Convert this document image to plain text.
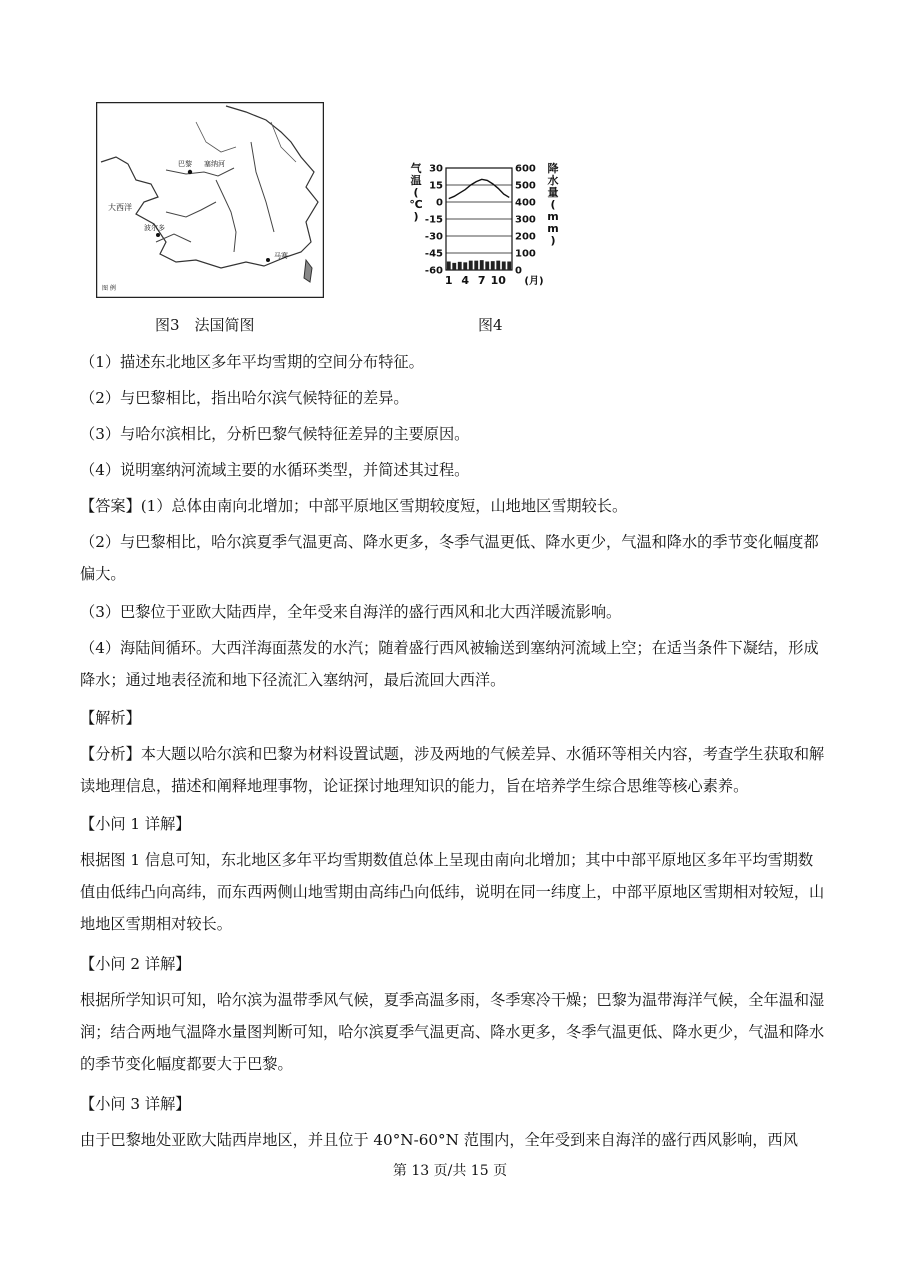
巴黎 塞纳河
大西洋
波尔多
马赛
图 例
30	600
15	500
0	400
-15	300
-30	200
-45	100
-60	0
1 4 7 10 (月)
气
温
(
℃
)
降
水
量
(
m
m
)
图3　法国简图	图4

（1）描述东北地区多年平均雪期的空间分布特征。

（2）与巴黎相比，指出哈尔滨气候特征的差异。

（3）与哈尔滨相比，分析巴黎气候特征差异的主要原因。

（4）说明塞纳河流域主要的水循环类型，并简述其过程。

【答案】(1）总体由南向北增加；中部平原地区雪期较度短，山地地区雪期较长。

（2）与巴黎相比，哈尔滨夏季气温更高、降水更多，冬季气温更低、降水更少，气温和降水的季节变化幅度都偏大。

（3）巴黎位于亚欧大陆西岸，全年受来自海洋的盛行西风和北大西洋暖流影响。

（4）海陆间循环。大西洋海面蒸发的水汽；随着盛行西风被输送到塞纳河流域上空；在适当条件下凝结，形成降水；通过地表径流和地下径流汇入塞纳河，最后流回大西洋。

【解析】

【分析】本大题以哈尔滨和巴黎为材料设置试题，涉及两地的气候差异、水循环等相关内容，考查学生获取和解读地理信息，描述和阐释地理事物，论证探讨地理知识的能力，旨在培养学生综合思维等核心素养。

【小问 1 详解】

根据图 1 信息可知，东北地区多年平均雪期数值总体上呈现由南向北增加；其中中部平原地区多年平均雪期数值由低纬凸向高纬，而东西两侧山地雪期由高纬凸向低纬，说明在同一纬度上，中部平原地区雪期相对较短，山地地区雪期相对较长。

【小问 2 详解】

根据所学知识可知，哈尔滨为温带季风气候，夏季高温多雨，冬季寒冷干燥；巴黎为温带海洋气候，全年温和湿润；结合两地气温降水量图判断可知，哈尔滨夏季气温更高、降水更多，冬季气温更低、降水更少，气温和降水的季节变化幅度都要大于巴黎。

【小问 3 详解】

由于巴黎地处亚欧大陆西岸地区，并且位于 40°N-60°N 范围内，全年受到来自海洋的盛行西风影响，西风

第 13 页/共 15 页
